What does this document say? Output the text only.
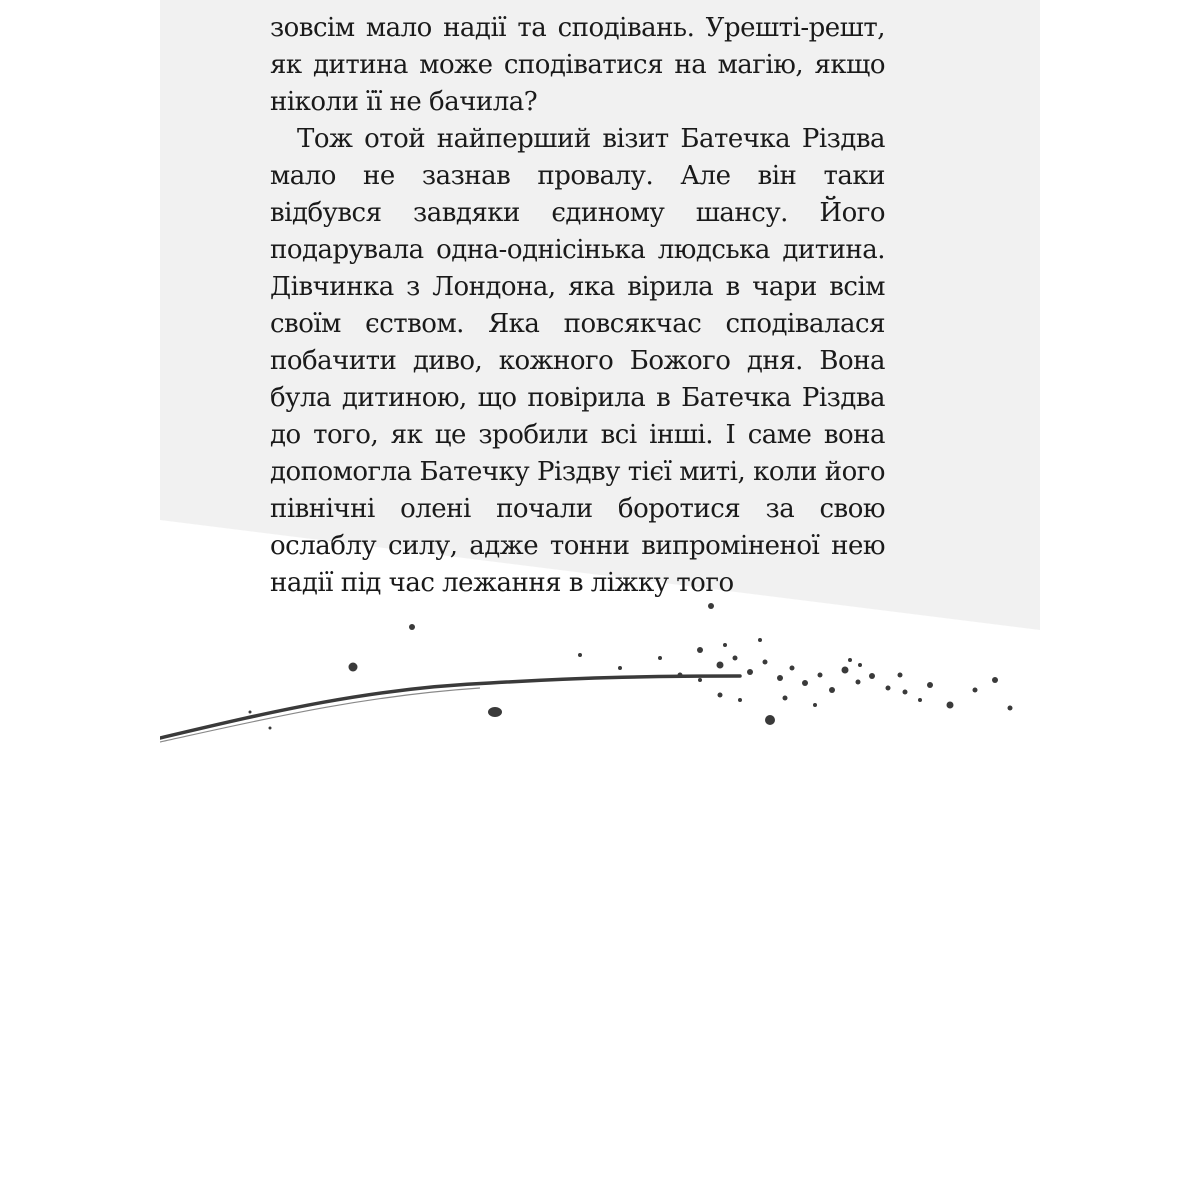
зовсім мало надії та сподівань. Урешті-решт, як дитина може сподіватися на магію, якщо ніколи її не бачила?

Тож отой найперший візит Батечка Різдва мало не зазнав провалу. Але він таки відбувся завдяки єдиному шансу. Його подарувала одна-однісінька людська дитина. Дівчинка з Лондона, яка вірила в чари всім своїм єством. Яка повсякчас сподівалася побачити диво, кожного Божого дня. Вона була дитиною, що повірила в Батечка Різдва до того, як це зробили всі інші. І саме вона допомогла Батечку Різдву тієї миті, коли його північні олені почали боротися за свою ослаблу силу, адже тонни випроміненої нею надії під час лежання в ліжку того
